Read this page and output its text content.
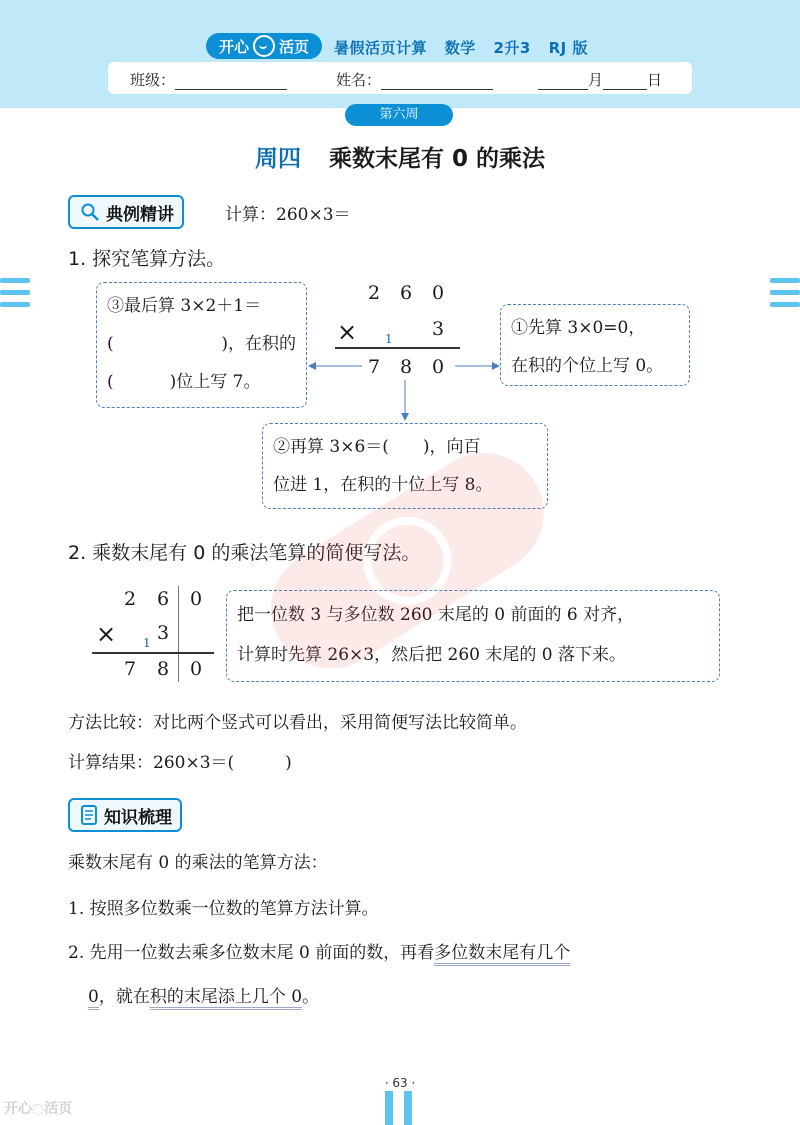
开心 活页 暑假活页计算 数学 2升3 RJ 版
班级：	姓名：	月	日
第六周
周四 乘数末尾有 0 的乘法
典例精讲	计算：260×3＝
1. 探究笔算方法。
2 6 0
× 1 3
7 8 0
③最后算 3×2＋1＝
(	)，在积的
(	)位上写 7。
①先算 3×0=0，
在积的个位上写 0。
②再算 3×6＝(　　)，向百
位进 1，在积的十位上写 8。
2. 乘数末尾有 0 的乘法笔算的简便写法。
2 6 0
× 1 3
7 8 0
把一位数 3 与多位数 260 末尾的 0 前面的 6 对齐，
计算时先算 26×3，然后把 260 末尾的 0 落下来。
方法比较：对比两个竖式可以看出，采用简便写法比较简单。
计算结果：260×3＝(　　　)
知识梳理
乘数末尾有 0 的乘法的笔算方法：
1. 按照多位数乘一位数的笔算方法计算。
2. 先用一位数去乘多位数末尾 0 前面的数，再看多位数末尾有几个
0，就在积的末尾添上几个 0。
· 63 ·
开心◌活页
